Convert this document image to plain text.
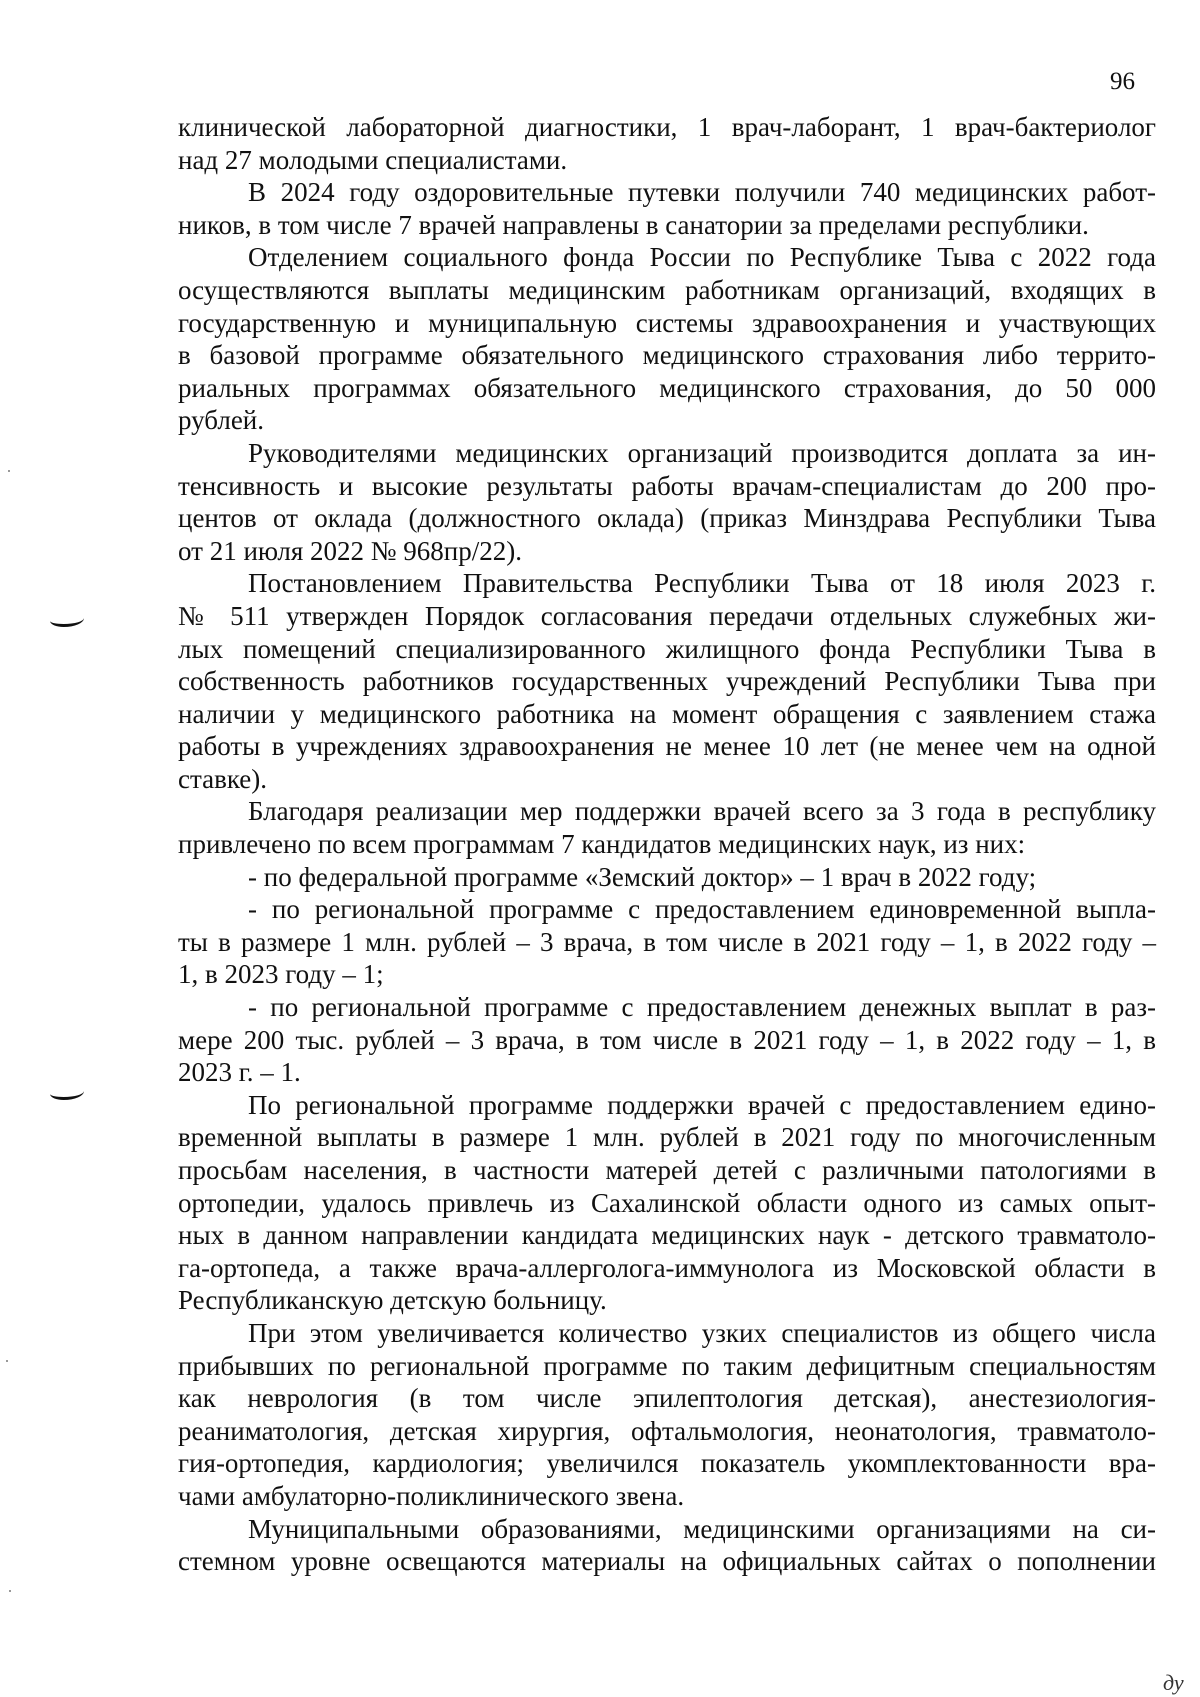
96
клинической лабораторной диагностики, 1 врач-лаборант, 1 врач-бактериолог
над 27 молодыми специалистами.
В 2024 году оздоровительные путевки получили 740 медицинских работ-
ников, в том числе 7 врачей направлены в санатории за пределами республики.
Отделением социального фонда России по Республике Тыва с 2022 года
осуществляются выплаты медицинским работникам организаций, входящих в
государственную и муниципальную системы здравоохранения и участвующих
в базовой программе обязательного медицинского страхования либо террито-
риальных программах обязательного медицинского страхования, до 50 000
рублей.
Руководителями медицинских организаций производится доплата за ин-
тенсивность и высокие результаты работы врачам-специалистам до 200 про-
центов от оклада (должностного оклада) (приказ Минздрава Республики Тыва
от 21 июля 2022 № 968пр/22).
Постановлением Правительства Республики Тыва от 18 июля 2023 г.
№ 511 утвержден Порядок согласования передачи отдельных служебных жи-
лых помещений специализированного жилищного фонда Республики Тыва в
собственность работников государственных учреждений Республики Тыва при
наличии у медицинского работника на момент обращения с заявлением стажа
работы в учреждениях здравоохранения не менее 10 лет (не менее чем на одной
ставке).
Благодаря реализации мер поддержки врачей всего за 3 года в республику
привлечено по всем программам 7 кандидатов медицинских наук, из них:
- по федеральной программе «Земский доктор» – 1 врач в 2022 году;
- по региональной программе с предоставлением единовременной выпла-
ты в размере 1 млн. рублей – 3 врача, в том числе в 2021 году – 1, в 2022 году –
1, в 2023 году – 1;
- по региональной программе с предоставлением денежных выплат в раз-
мере 200 тыс. рублей – 3 врача, в том числе в 2021 году – 1, в 2022 году – 1, в
2023 г. – 1.
По региональной программе поддержки врачей с предоставлением едино-
временной выплаты в размере 1 млн. рублей в 2021 году по многочисленным
просьбам населения, в частности матерей детей с различными патологиями в
ортопедии, удалось привлечь из Сахалинской области одного из самых опыт-
ных в данном направлении кандидата медицинских наук - детского травматоло-
га-ортопеда, а также врача-аллерголога-иммунолога из Московской области в
Республиканскую детскую больницу.
При этом увеличивается количество узких специалистов из общего числа
прибывших по региональной программе по таким дефицитным специальностям
как неврология (в том числе эпилептология детская), анестезиология-
реаниматология, детская хирургия, офтальмология, неонатология, травматоло-
гия-ортопедия, кардиология; увеличился показатель укомплектованности вра-
чами амбулаторно-поликлинического звена.
Муниципальными образованиями, медицинскими организациями на си-
стемном уровне освещаются материалы на официальных сайтах о пополнении
ду
